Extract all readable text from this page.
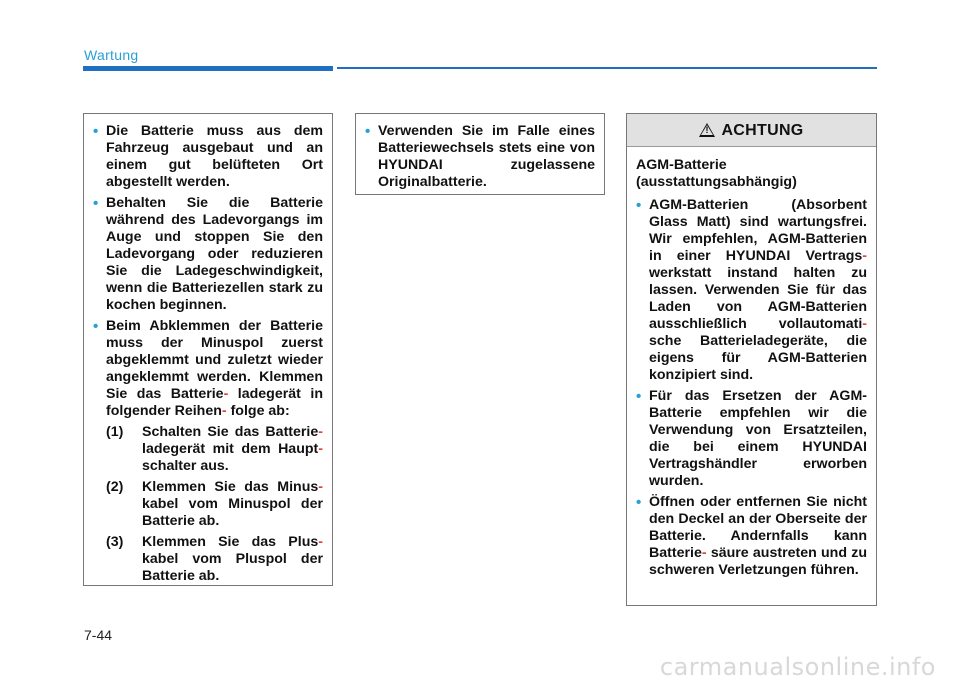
Wartung
• Die Batterie muss aus dem Fahrzeug ausgebaut und an einem gut belüfteten Ort abgestellt werden.
• Behalten Sie die Batterie während des Ladevorgangs im Auge und stoppen Sie den Ladevorgang oder reduzieren Sie die Ladegeschwindigkeit, wenn die Batteriezellen stark zu kochen beginnen.
• Beim Abklemmen der Batterie muss der Minuspol zuerst abgeklemmt und zuletzt wieder angeklemmt werden. Klemmen Sie das Batterie- ladegerät in folgender Reihen- folge ab:
(1) Schalten Sie das Batterie- ladegerät mit dem Haupt- schalter aus.
(2) Klemmen Sie das Minus- kabel vom Minuspol der Batterie ab.
(3) Klemmen Sie das Plus- kabel vom Pluspol der Batterie ab.
• Verwenden Sie im Falle eines Batteriewechsels stets eine von HYUNDAI zugelassene Originalbatterie.
!
ACHTUNG
AGM-Batterie (ausstattungsabhängig)
• AGM-Batterien (Absorbent Glass Matt) sind wartungsfrei. Wir empfehlen, AGM-Batterien in einer HYUNDAI Vertrags- werkstatt instand halten zu lassen. Verwenden Sie für das Laden von AGM-Batterien ausschließlich vollautomati- sche Batterieladegeräte, die eigens für AGM-Batterien konzipiert sind.
• Für das Ersetzen der AGM-Batterie empfehlen wir die Verwendung von Ersatzteilen, die bei einem HYUNDAI Vertragshändler erworben wurden.
• Öffnen oder entfernen Sie nicht den Deckel an der Oberseite der Batterie. Andernfalls kann Batterie- säure austreten und zu schweren Verletzungen führen.
7-44
carmanualsonline.info
